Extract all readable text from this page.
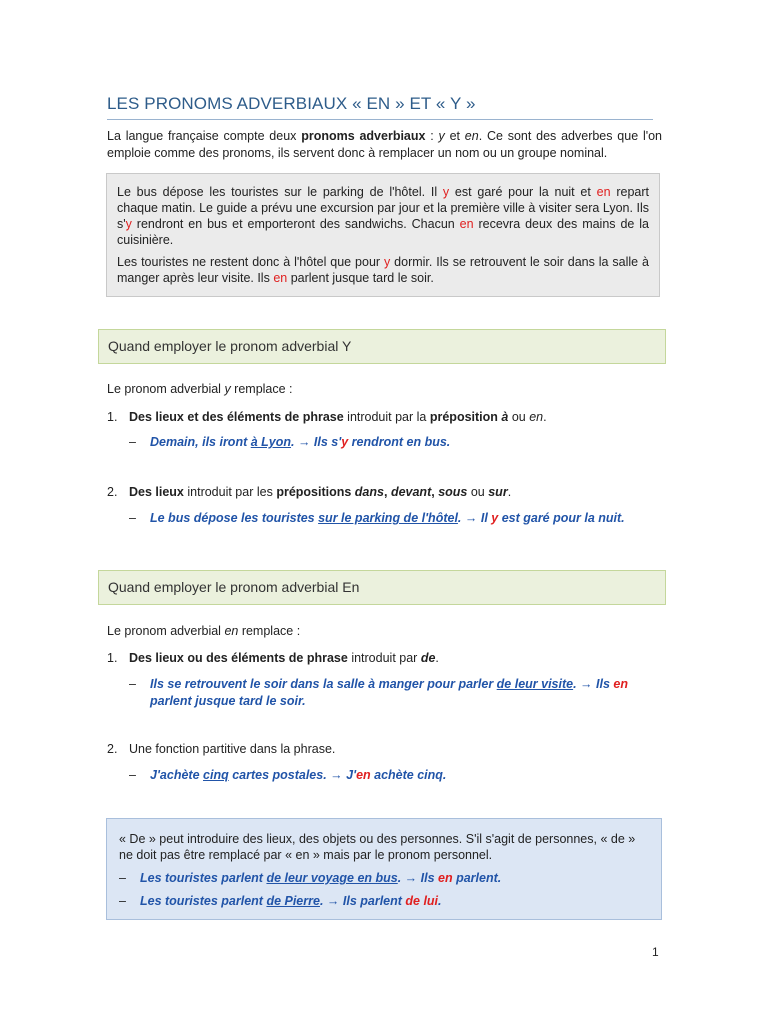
LES PRONOMS ADVERBIAUX « EN » ET « Y »
La langue française compte deux pronoms adverbiaux : y et en. Ce sont des adverbes que l'on emploie comme des pronoms, ils servent donc à remplacer un nom ou un groupe nominal.

Le bus dépose les touristes sur le parking de l'hôtel. Il y est garé pour la nuit et en repart chaque matin. Le guide a prévu une excursion par jour et la première ville à visiter sera Lyon. Ils s'y rendront en bus et emporteront des sandwichs. Chacun en recevra deux des mains de la cuisinière.

Les touristes ne restent donc à l'hôtel que pour y dormir. Ils se retrouvent le soir dans la salle à manger après leur visite. Ils en parlent jusque tard le soir.

Quand employer le pronom adverbial Y
Le pronom adverbial y remplace :
1. Des lieux et des éléments de phrase introduit par la préposition à ou en.
– Demain, ils iront à Lyon. → Ils s'y rendront en bus.
2. Des lieux introduit par les prépositions dans, devant, sous ou sur.
– Le bus dépose les touristes sur le parking de l'hôtel. → Il y est garé pour la nuit.
Quand employer le pronom adverbial En
Le pronom adverbial en remplace :
1. Des lieux ou des éléments de phrase introduit par de.
– Ils se retrouvent le soir dans la salle à manger pour parler de leur visite. → Ils en parlent jusque tard le soir.
2. Une fonction partitive dans la phrase.
– J'achète cinq cartes postales. → J'en achète cinq.

« De » peut introduire des lieux, des objets ou des personnes. S'il s'agit de personnes, « de » ne doit pas être remplacé par « en » mais par le pronom personnel.

– Les touristes parlent de leur voyage en bus. → Ils en parlent.

– Les touristes parlent de Pierre. → Ils parlent de lui.

1
